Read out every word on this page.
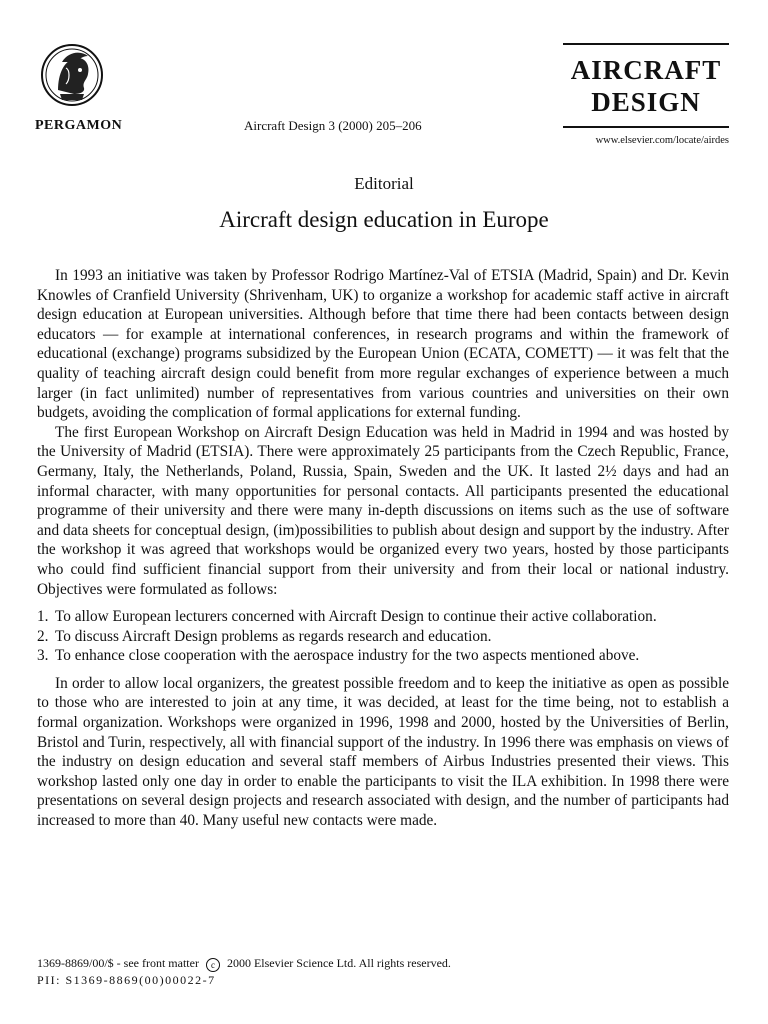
PERGAMON	Aircraft Design 3 (2000) 205–206
AIRCRAFT
DESIGN
www.elsevier.com/locate/airdes
Editorial
Aircraft design education in Europe

In 1993 an initiative was taken by Professor Rodrigo Martínez-Val of ETSIA (Madrid, Spain) and Dr. Kevin Knowles of Cranfield University (Shrivenham, UK) to organize a workshop for academic staff active in aircraft design education at European universities. Although before that time there had been contacts between design educators — for example at international conferences, in research programs and within the framework of educational (exchange) programs subsidized by the European Union (ECATA, COMETT) — it was felt that the quality of teaching aircraft design could benefit from more regular exchanges of experience between a much larger (in fact unlimited) number of representatives from various countries and universities on their own budgets, avoiding the complication of formal applications for external funding.

The first European Workshop on Aircraft Design Education was held in Madrid in 1994 and was hosted by the University of Madrid (ETSIA). There were approximately 25 participants from the Czech Republic, France, Germany, Italy, the Netherlands, Poland, Russia, Spain, Sweden and the UK. It lasted 2½ days and had an informal character, with many opportunities for personal contacts. All participants presented the educational programme of their university and there were many in-depth discussions on items such as the use of software and data sheets for conceptual design, (im)possibilities to publish about design and support by the industry. After the workshop it was agreed that workshops would be organized every two years, hosted by those participants who could find sufficient financial support from their university and from their local or national industry. Objectives were formulated as follows:

1. To allow European lecturers concerned with Aircraft Design to continue their active collaboration.
2. To discuss Aircraft Design problems as regards research and education.
3. To enhance close cooperation with the aerospace industry for the two aspects mentioned above.

In order to allow local organizers, the greatest possible freedom and to keep the initiative as open as possible to those who are interested to join at any time, it was decided, at least for the time being, not to establish a formal organization. Workshops were organized in 1996, 1998 and 2000, hosted by the Universities of Berlin, Bristol and Turin, respectively, all with financial support of the industry. In 1996 there was emphasis on views of the industry on design education and several staff members of Airbus Industries presented their views. This workshop lasted only one day in order to enable the participants to visit the ILA exhibition. In 1998 there were presentations on several design projects and research associated with design, and the number of participants had increased to more than 40. Many useful new contacts were made.

1369-8869/00/$ - see front matter c 2000 Elsevier Science Ltd. All rights reserved.
PII: S1369-8869(00)00022-7
